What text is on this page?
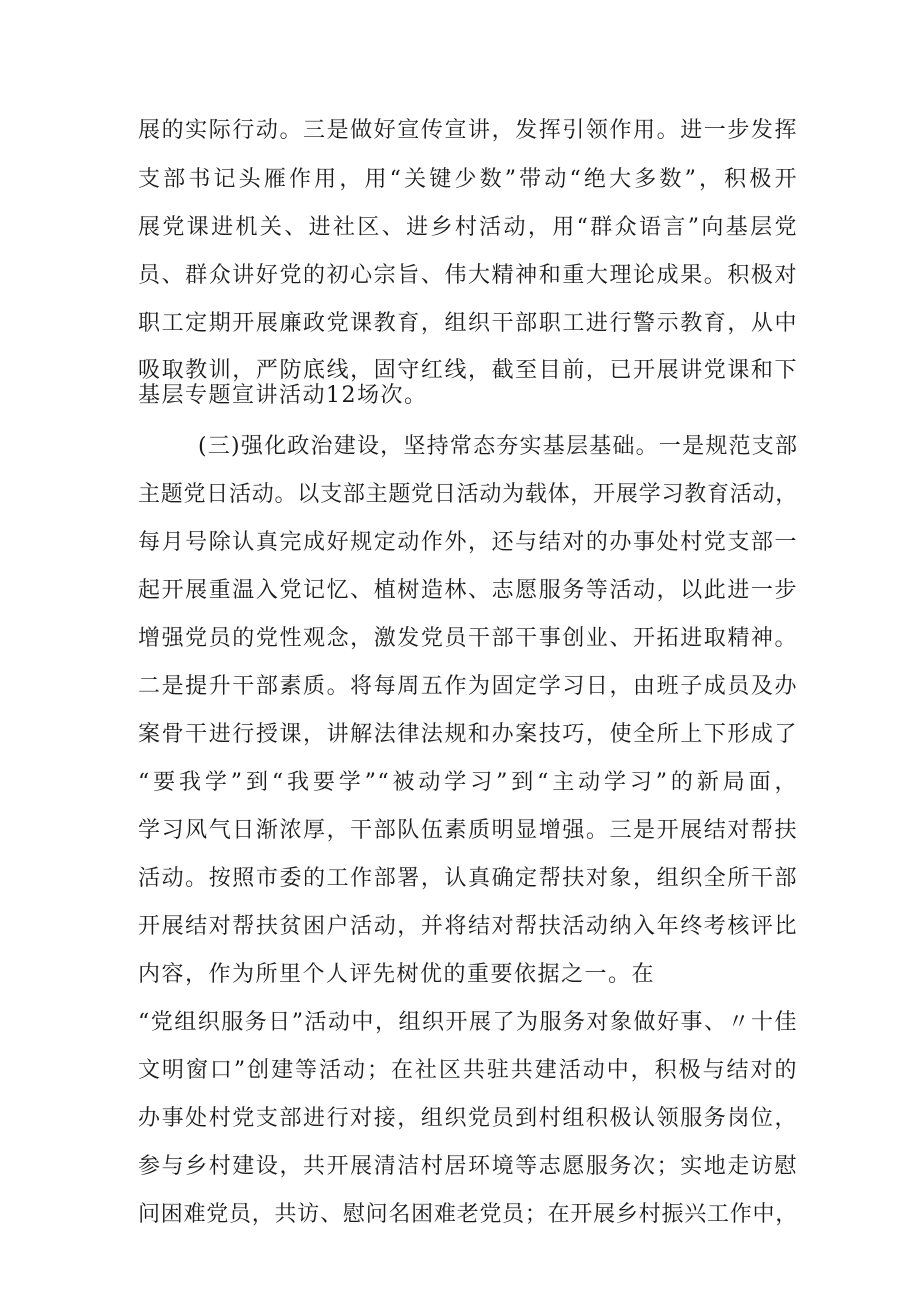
展的实际行动。三是做好宣传宣讲，发挥引领作用。进一步发挥
支部书记头雁作用，用“关键少数”带动“绝大多数”，积极开
展党课进机关、进社区、进乡村活动，用“群众语言”向基层党
员、群众讲好党的初心宗旨、伟大精神和重大理论成果。积极对
职工定期开展廉政党课教育，组织干部职工进行警示教育，从中
吸取教训，严防底线，固守红线，截至目前，已开展讲党课和下
基层专题宣讲活动12场次。
(三)强化政治建设，坚持常态夯实基层基础。一是规范支部
主题党日活动。以支部主题党日活动为载体，开展学习教育活动，
每月号除认真完成好规定动作外，还与结对的办事处村党支部一
起开展重温入党记忆、植树造林、志愿服务等活动，以此进一步
增强党员的党性观念，激发党员干部干事创业、开拓进取精神。
二是提升干部素质。将每周五作为固定学习日，由班子成员及办
案骨干进行授课，讲解法律法规和办案技巧，使全所上下形成了
“要我学”到“我要学”“被动学习”到“主动学习”的新局面，
学习风气日渐浓厚，干部队伍素质明显增强。三是开展结对帮扶
活动。按照市委的工作部署，认真确定帮扶对象，组织全所干部
开展结对帮扶贫困户活动，并将结对帮扶活动纳入年终考核评比
内容，作为所里个人评先树优的重要依据之一。在
“党组织服务日”活动中，组织开展了为服务对象做好事、〃十佳
文明窗口”创建等活动；在社区共驻共建活动中，积极与结对的
办事处村党支部进行对接，组织党员到村组积极认领服务岗位，
参与乡村建设，共开展清洁村居环境等志愿服务次；实地走访慰
问困难党员，共访、慰问名困难老党员；在开展乡村振兴工作中，
